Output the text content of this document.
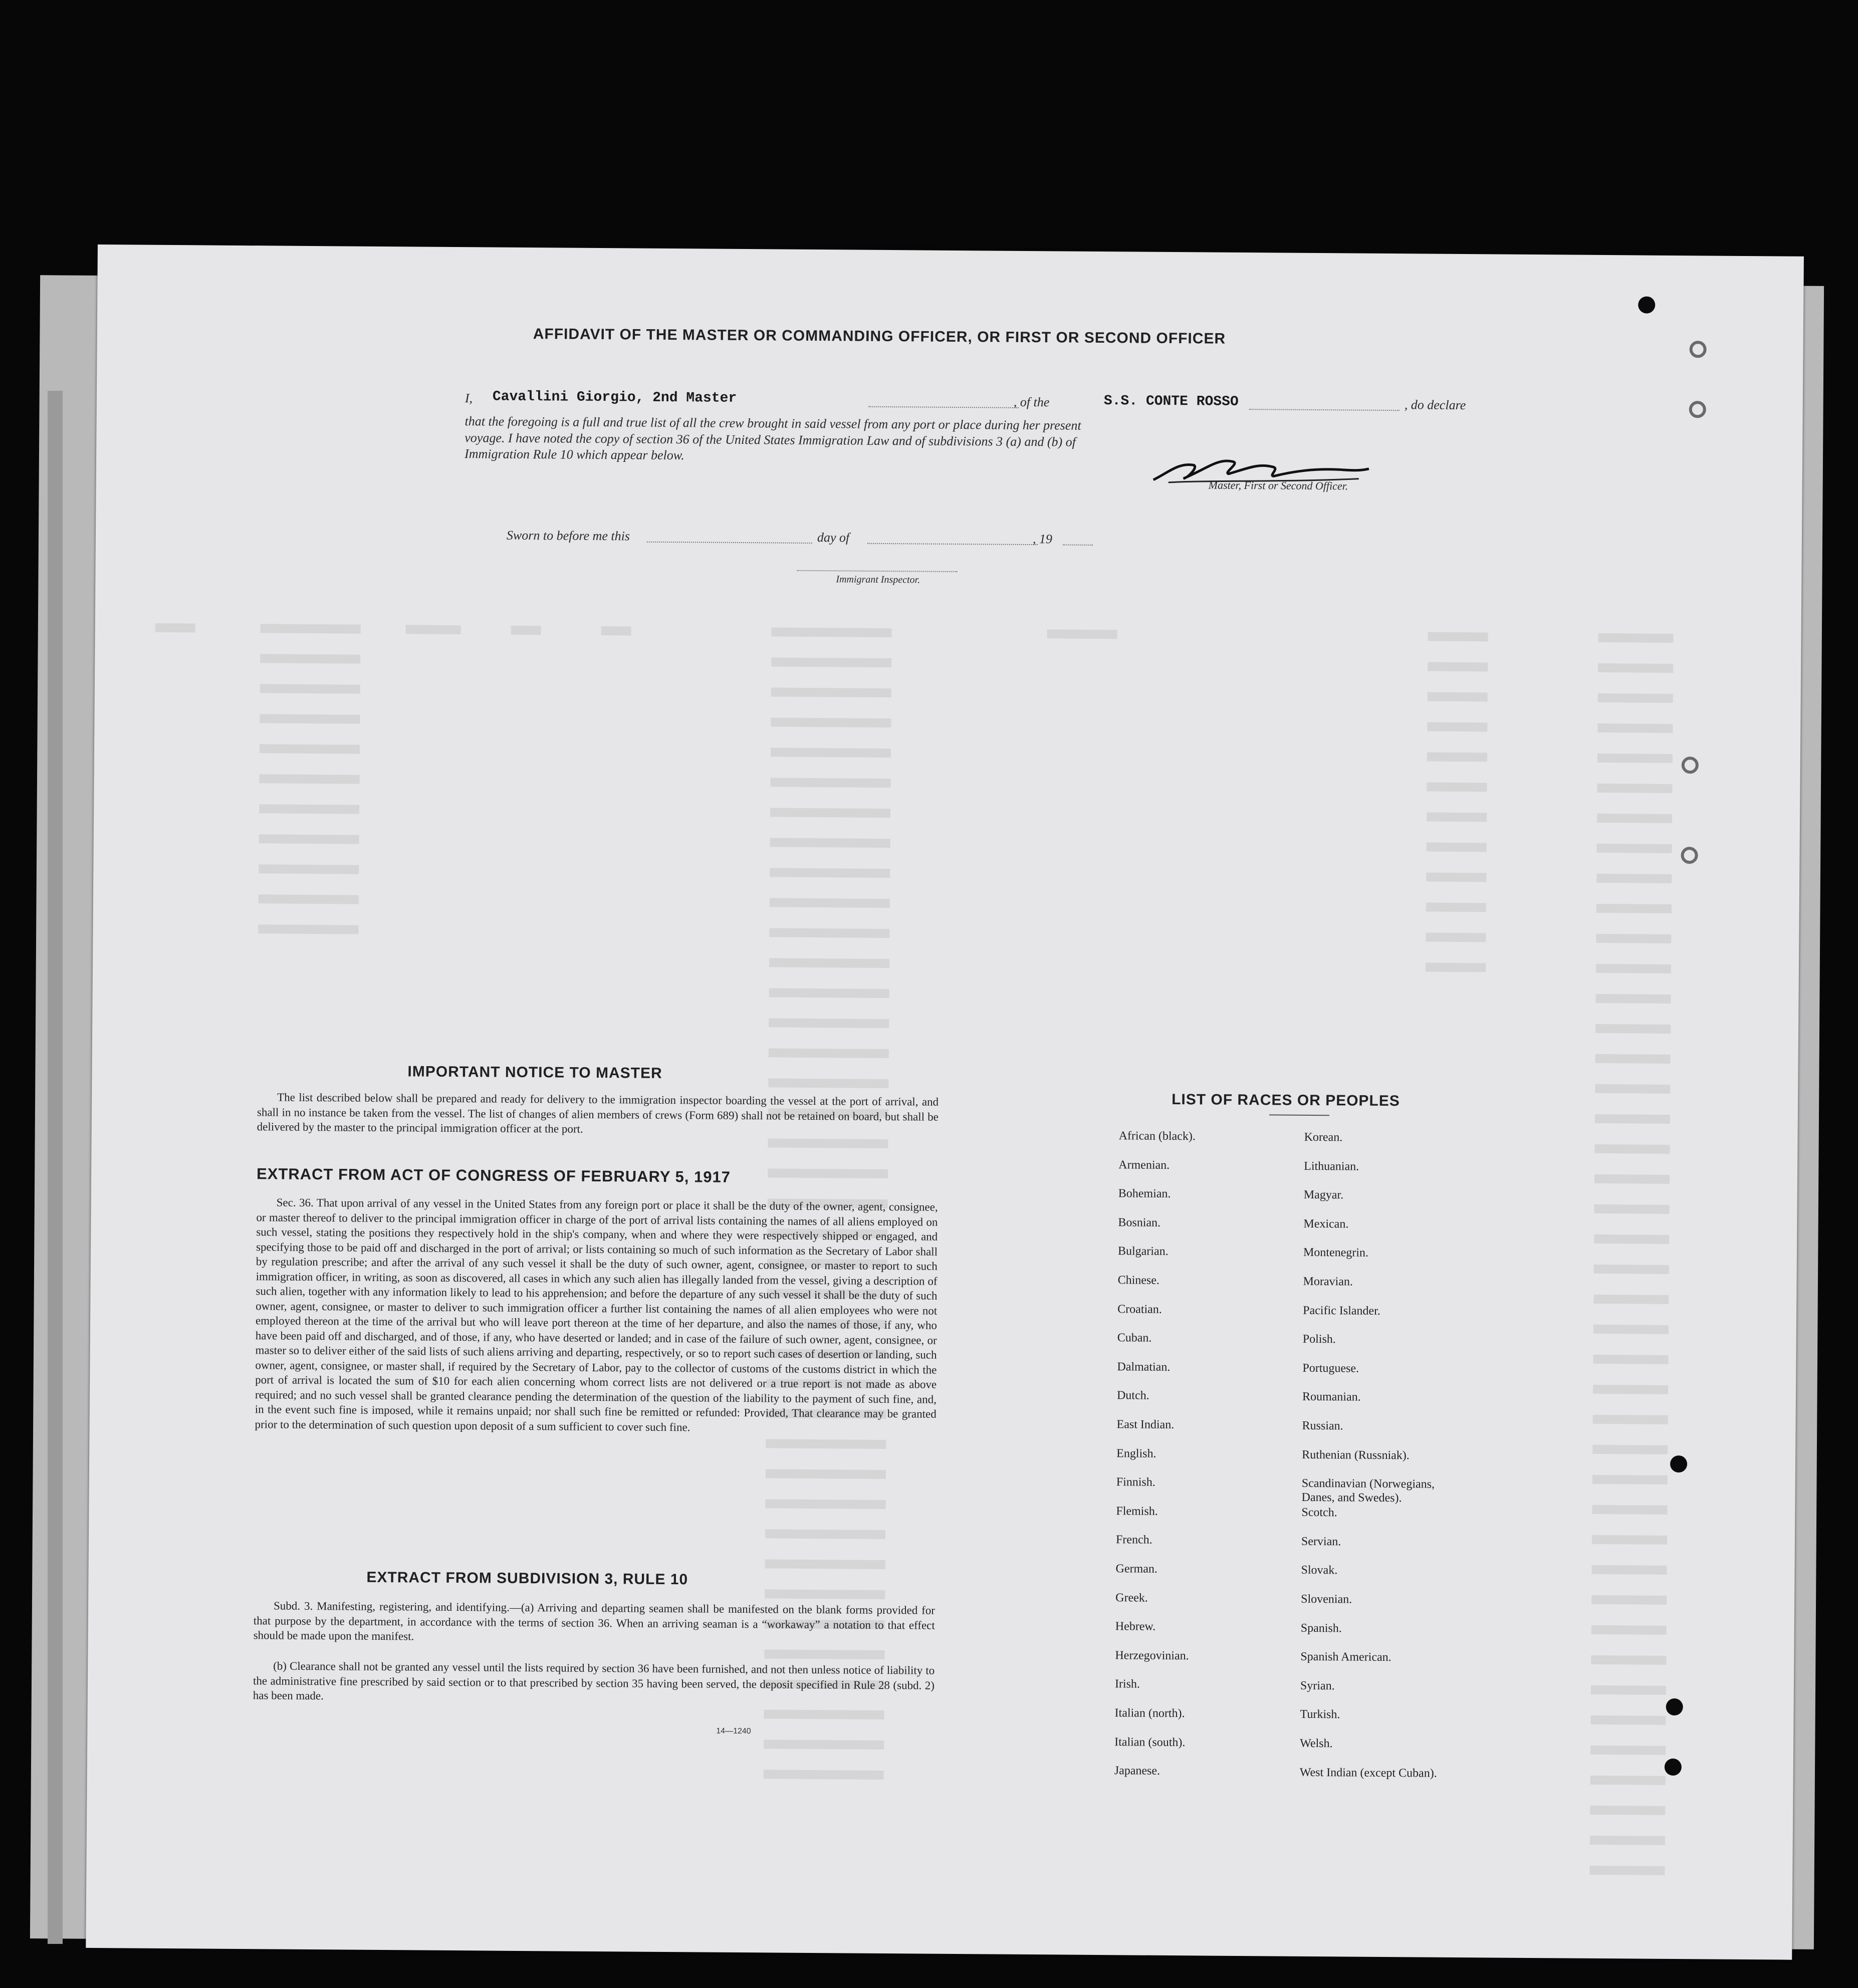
AFFIDAVIT OF THE MASTER OR COMMANDING OFFICER, OR FIRST OR SECOND OFFICER
I, Cavallini Giorgio, 2nd Master	, of the	S.S. CONTE ROSSO	, do declare
that the foregoing is a full and true list of all the crew brought in said vessel from any port or place during her present
voyage. I have noted the copy of section 36 of the United States Immigration Law and of subdivisions 3 (a) and (b) of
Immigration Rule 10 which appear below.
Master, First or Second Officer.
Sworn to before me this	day of	, 19
Immigrant Inspector.
IMPORTANT NOTICE TO MASTER
The list described below shall be prepared and ready for delivery to the immigration inspector boarding the vessel at the port of arrival, and shall in no instance be taken from the vessel. The list of changes of alien members of crews (Form 689) shall not be retained on board, but shall be delivered by the master to the principal immigration officer at the port.
EXTRACT FROM ACT OF CONGRESS OF FEBRUARY 5, 1917
Sec. 36. That upon arrival of any vessel in the United States from any foreign port or place it shall be the duty of the owner, agent, consignee, or master thereof to deliver to the principal immigration officer in charge of the port of arrival lists containing the names of all aliens employed on such vessel, stating the positions they respectively hold in the ship's company, when and where they were respectively shipped or engaged, and specifying those to be paid off and discharged in the port of arrival; or lists containing so much of such information as the Secretary of Labor shall by regulation prescribe; and after the arrival of any such vessel it shall be the duty of such owner, agent, consignee, or master to report to such immigration officer, in writing, as soon as discovered, all cases in which any such alien has illegally landed from the vessel, giving a description of such alien, together with any information likely to lead to his apprehension; and before the departure of any such vessel it shall be the duty of such owner, agent, consignee, or master to deliver to such immigration officer a further list containing the names of all alien employees who were not employed thereon at the time of the arrival but who will leave port thereon at the time of her departure, and also the names of those, if any, who have been paid off and discharged, and of those, if any, who have deserted or landed; and in case of the failure of such owner, agent, consignee, or master so to deliver either of the said lists of such aliens arriving and departing, respectively, or so to report such cases of desertion or landing, such owner, agent, consignee, or master shall, if required by the Secretary of Labor, pay to the collector of customs of the customs district in which the port of arrival is located the sum of $10 for each alien concerning whom correct lists are not delivered or a true report is not made as above required; and no such vessel shall be granted clearance pending the determination of the question of the liability to the payment of such fine, and, in the event such fine is imposed, while it remains unpaid; nor shall such fine be remitted or refunded: Provided, That clearance may be granted prior to the determination of such question upon deposit of a sum sufficient to cover such fine.
EXTRACT FROM SUBDIVISION 3, RULE 10
Subd. 3. Manifesting, registering, and identifying.—(a) Arriving and departing seamen shall be manifested on the blank forms provided for that purpose by the department, in accordance with the terms of section 36. When an arriving seaman is a “workaway” a notation to that effect should be made upon the manifest.
(b) Clearance shall not be granted any vessel until the lists required by section 36 have been furnished, and not then unless notice of liability to the administrative fine prescribed by said section or to that prescribed by section 35 having been served, the deposit specified in Rule 28 (subd. 2) has been made.
14—1240
LIST OF RACES OR PEOPLES
African (black).
Armenian.
Bohemian.
Bosnian.
Bulgarian.
Chinese.
Croatian.
Cuban.
Dalmatian.
Dutch.
East Indian.
English.
Finnish.
Flemish.
French.
German.
Greek.
Hebrew.
Herzegovinian.
Irish.
Italian (north).
Italian (south).
Japanese.
Korean.
Lithuanian.
Magyar.
Mexican.
Montenegrin.
Moravian.
Pacific Islander.
Polish.
Portuguese.
Roumanian.
Russian.
Ruthenian (Russniak).
Scandinavian (Norwegians,
Danes, and Swedes).
Scotch.
Servian.
Slovak.
Slovenian.
Spanish.
Spanish American.
Syrian.
Turkish.
Welsh.
West Indian (except Cuban).
